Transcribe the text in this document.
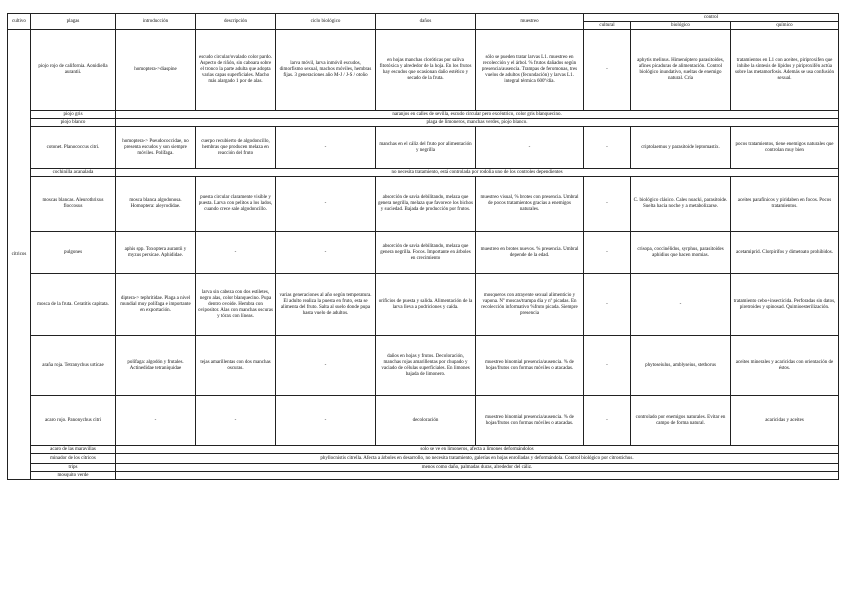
cultivo	plagas	introducción	descripción	ciclo biológico	daños	muestreo	control		
							cultural	biológico	químico
cítricos	piojo rojo de california. Aonidiella aurantii.	homoptera->diaspine	escudo circular/ovalado color pardo. Aspecto de riñón, sin caboara sobre el tronco la parte adulta que adopta varias capas superficiales. Macho más alargado 1 por de alas.	larva móvil, larva inmóvil escudos, dimorfismo sexual, machos móviles, hembras fijas. 3 generaciones año M-J / J-S / otoño	en hojas manchas cloróticas por saliva fitotóxica y alrededor de la hoja. En los frutos hay escudos que ocasionan daño estético y secado de la fruta.	sólo se pueden tratar larvas L1. muestreo en recolección y el árbol. % frutos dañados según presencia/ausencia. Trampas de feromonas, tres vuelos de adultos (fecundación) y larvas L1. integral térmica 600º/día.	-	aphytis melinus. Himenóptero parasitoides, afines picaduras de alimentación. Control biológico inundativo, sueltas de enemigo natural. Cría	tratamientos en L1 con aceites, piriproxifen que inhibe la síntesis de lípidos y piriproxifén actúa sobre las metamorfosis. Además se usa confusión sexual.
	piojo gris	naranjos en calles de sevilla, escudo circular pero excéntrico, color gris blanquecino.							
	piojo blanco	plaga de limoneros, manchas verdes, piojo blanco.							
	cotonet. Planococcus citri.	homoptera-> Pseudococcidae, no presenta escudos y son siempre móviles. Polífaga.	cuerpo recubierto de algodoncillo, hembras que producen melaza en reacción del fruto	-	manchas en el cáliz del fruto por alimentación y negrilla	-	-	criptolaemus y parasitoide leptomastix.	pocos tratamientos, tiene enemigos naturales que controlan muy bien
	cochinilla acanalada	no necesita tratamiento, está controlada por rodolia uno de los controles dependientes							
	moscas blancas. Aleurothrixus floccosus	mosca blanca algodonosa. Homoptera: aleyrodidae.	puesta circular claramente visible y puesta. Larva con pelitos a los lados, cuando crece sale algodoncillo.	-	absorción de savia debilitando, melaza que genera negrilla, melaza que favorece los bichos y suciedad. Bajada de producción por frutos.	muestreo visual, % brotes con presencia. Umbral de pocos tratamientos gracias a enemigos naturales.	-	C. biológico clásico. Cales noacki, parasitoide. Suelta hacia noche y a metabolizarse.	aceites parafínicos y piridaben en focos. Pocos tratamientos.
	pulgones	aphis spp. Toxoptera aurantii y myzus persicae. Aphididae.	-	-	absorción de savia debilitando, melaza que genera negrilla. Focos. Importante en árboles en crecimiento	muestreo en brotes nuevos. % presencia. Umbral depende de la edad.	-	crisopa, coccinélidos, syrphus, parasitoides aphidius que hacen momias.	acetamiprid. Clorpirifos y dimetoato prohibidos.
	mosca de la fruta. Ceratitis capitata.	diptera-> tephritidae. Plaga a nivel mundial muy polífaga e importante en exportación.	larva sin cabeza con dos estiletes, negro alas, color blanquecino. Pupa dentro ovoide. Hembra con ovipositor. Alas con manchas oscuras y tórax con líneas.	varias generaciones al año según temperatura. El adulto realiza la puesta en fruto, esta se alimenta del fruto. Salta al suelo donde pupa hasta vuelo de adultos.	orificios de puesta y salida. Alimentación de la larva lleva a podriciones y caída.	mosqueros con atrayente sexual alimenticio y vapona. Nº moscas/trampa día y nº picadas. En recolección informativo %fruto picada. Siempre presencia	-	-	tratamiento cebo+insecticida. Perforadas sin datos, piretroides y spinosad. Quimioesterilización.
	araña roja. Tetranychus urticae	polífaga: algodón y frutales. Actinedidae tetraniquidae	tejas amarillentas con dos manchas oscuras.	-	daños en hojas y frutos. Decoloración, manchas rojas amarillentas por chupado y vaciado de células superficiales. En limones bajada de limonero.	muestreo binomial presencia/ausencia. % de hojas/frutos con formas móviles o atacadas.	-	phytoseiulus, amblyseius, stethorus	aceites minerales y acaricidas con orientación de éstos.
	acaro rojo. Panonychus citri	-	-	-	decoloración	muestreo binomial presencia/ausencia. % de hojas/frutos con formas móviles o atacadas.	-	controlado por enemigos naturales. Evitar en campo de forma natural.	acaricidas y aceites
	acaro de las maravillas	solo se ve en limoneros, afecta a limones deformándolos							
	minador de los cítricos	phyllocnistis citrella. Afecta a árboles en desarrollo, no necesita tratamiento, galerías en hojas enrolladas y deformándola. Control biológico por citrostichus.							
	trips	menos como daño, palmadas duras, alrededor del cáliz.							
	mosquito verde								
